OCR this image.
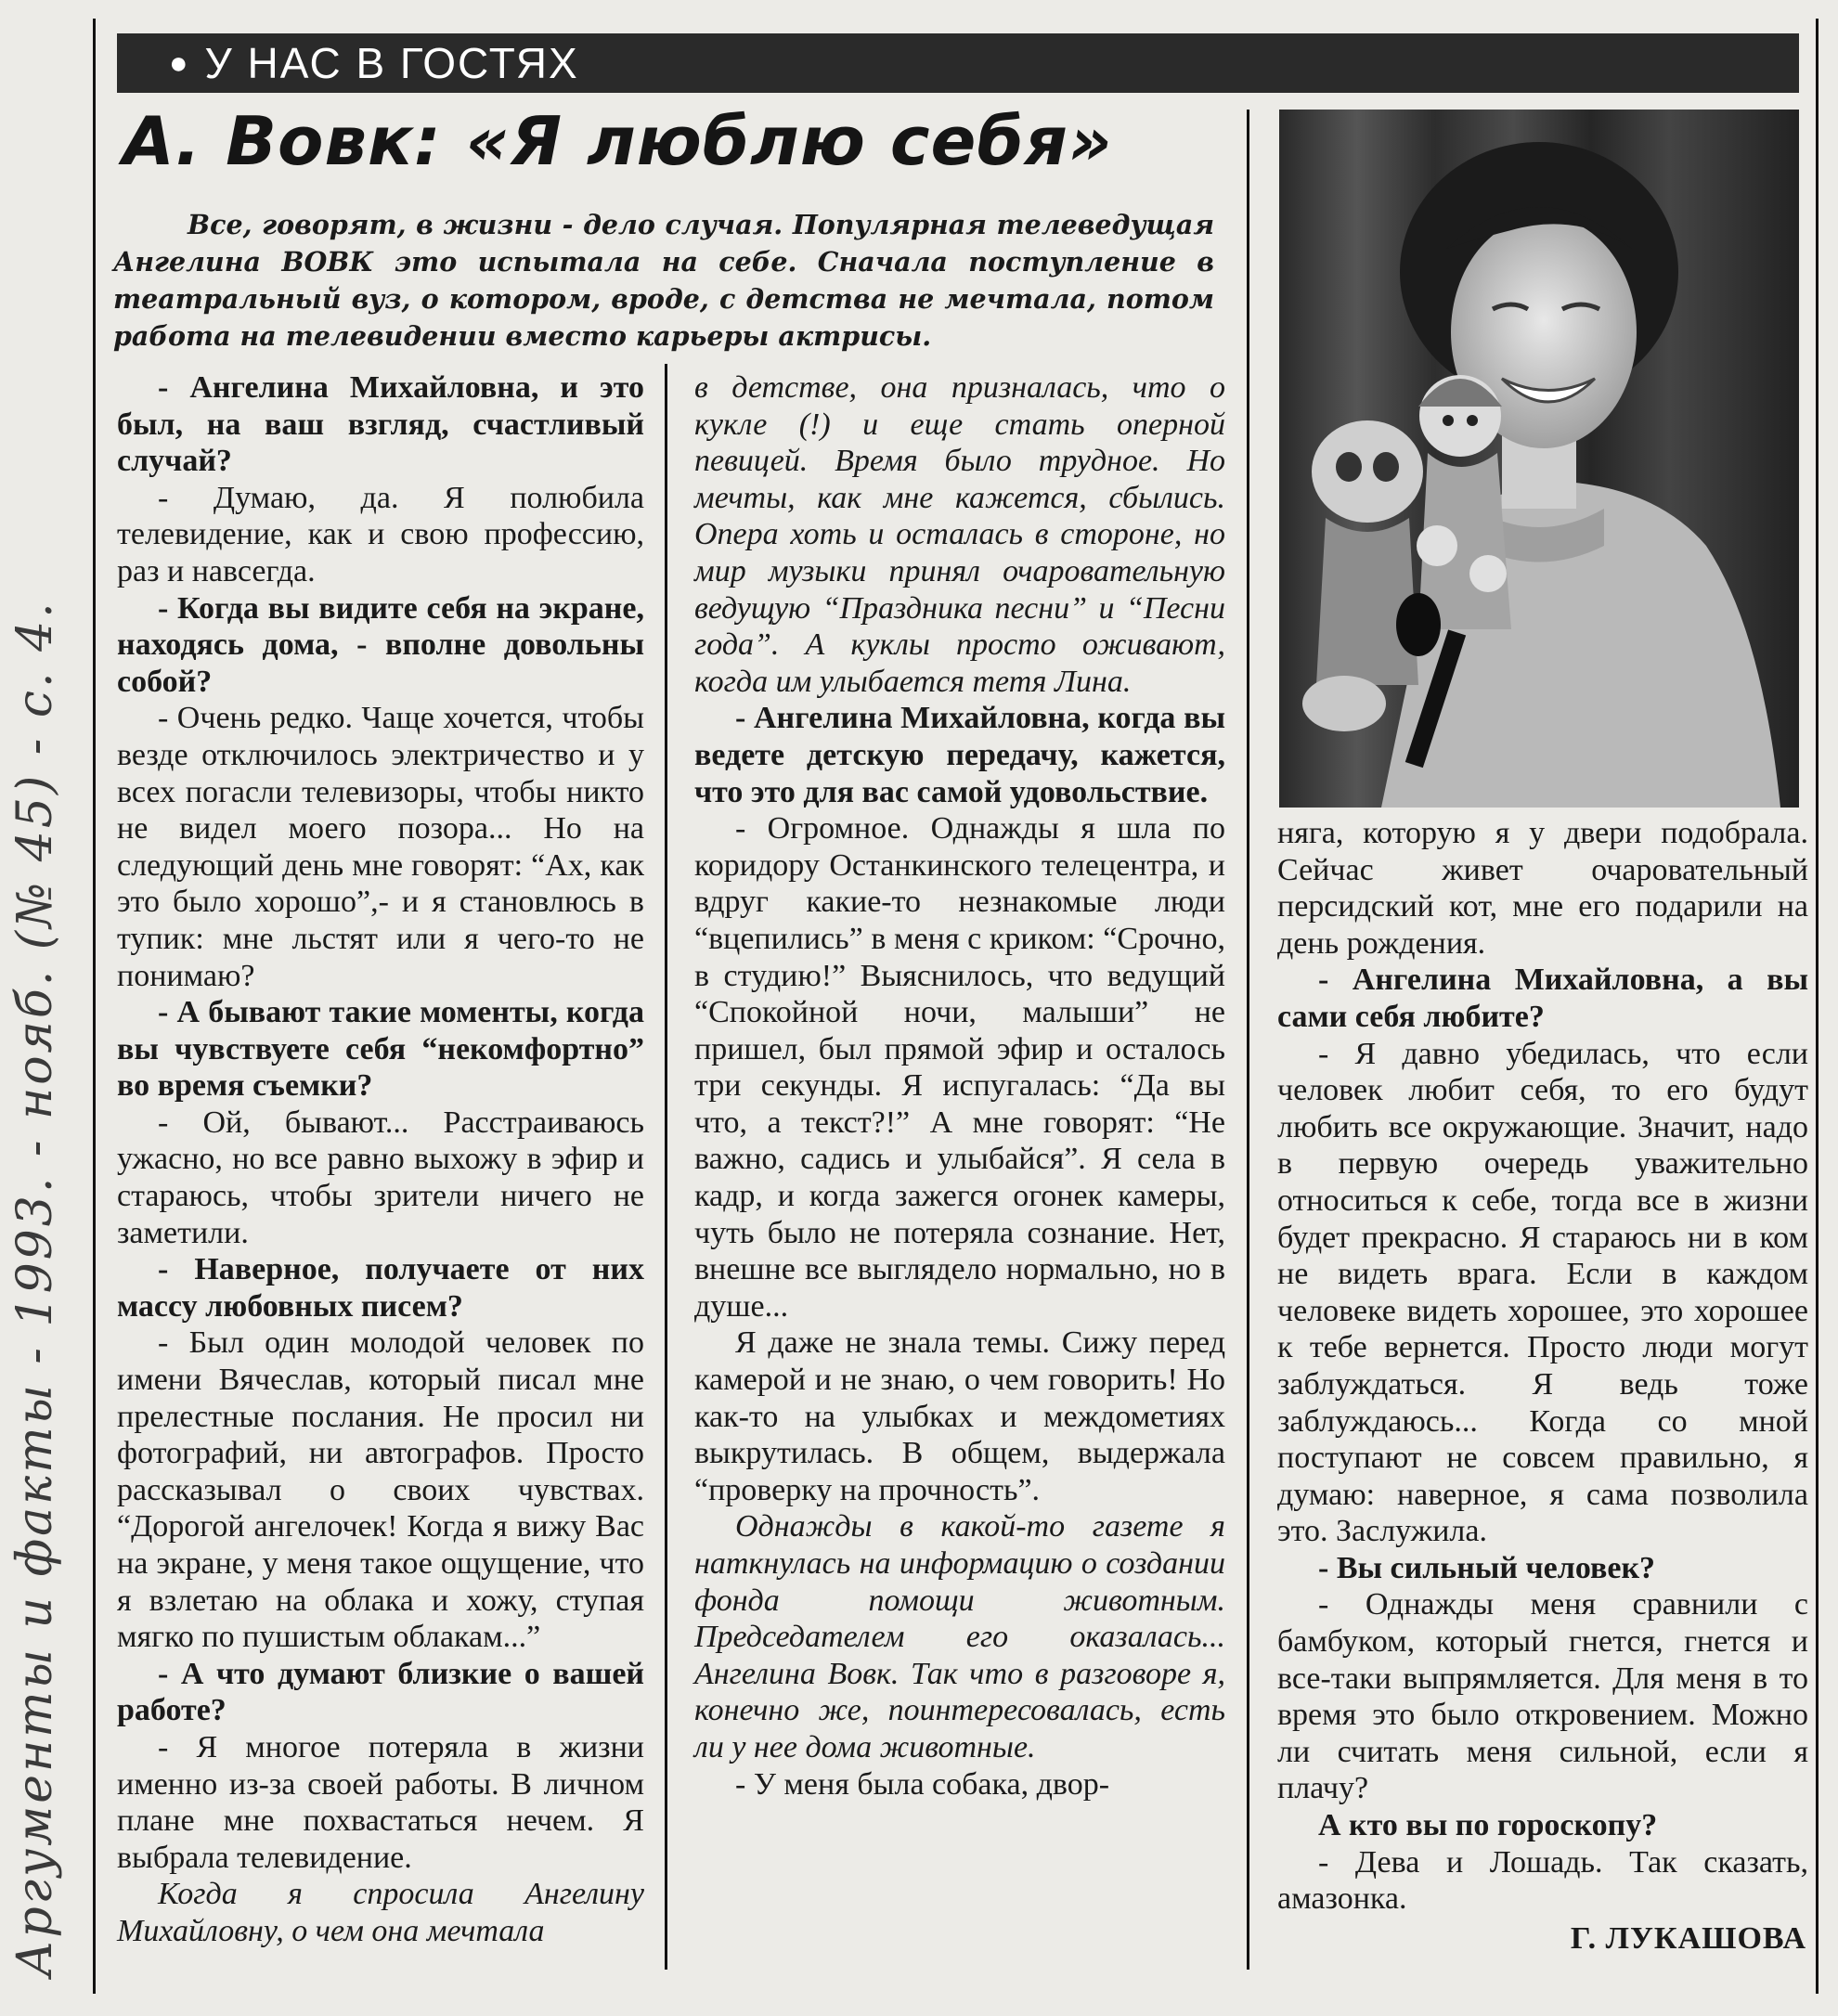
Аргументы и факты - 1993. - нояб. (№ 45) - с. 4.
● У НАС В ГОСТЯХ
А. Вовк: «Я люблю себя»
Все, говорят, в жизни - дело случая. Популярная телеведущая Ангелина ВОВК это испытала на себе. Сначала поступление в театральный вуз, о котором, вроде, с детства не мечтала, потом работа на телевидении вместо карьеры актрисы.

- Ангелина Михайловна, и это был, на ваш взгляд, счастливый случай?

- Думаю, да. Я полюбила телевидение, как и свою профессию, раз и навсегда.

- Когда вы видите себя на экране, находясь дома, - вполне довольны собой?

- Очень редко. Чаще хочется, чтобы везде отключилось электричество и у всех погасли телевизоры, чтобы никто не видел моего позора... Но на следующий день мне говорят: “Ах, как это было хорошо”,- и я становлюсь в тупик: мне льстят или я чего-то не понимаю?

- А бывают такие моменты, когда вы чувствуете себя “некомфортно” во время съемки?

- Ой, бывают... Расстраиваюсь ужасно, но все равно выхожу в эфир и стараюсь, чтобы зрители ничего не заметили.

- Наверное, получаете от них массу любовных писем?

- Был один молодой человек по имени Вячеслав, который писал мне прелестные послания. Не просил ни фотографий, ни автографов. Просто рассказывал о своих чувствах. “Дорогой ангелочек! Когда я вижу Вас на экране, у меня такое ощущение, что я взлетаю на облака и хожу, ступая мягко по пушистым облакам...”

- А что думают близкие о вашей работе?

- Я многое потеряла в жизни именно из-за своей работы. В личном плане мне похвастаться нечем. Я выбрала телевидение.

Когда я спросила Ангелину Михайловну, о чем она мечтала

в детстве, она призналась, что о кукле (!) и еще стать оперной певицей. Время было трудное. Но мечты, как мне кажется, сбылись. Опера хоть и осталась в стороне, но мир музыки принял очаровательную ведущую “Праздника песни” и “Песни года”. А куклы просто оживают, когда им улыбается тетя Лина.

- Ангелина Михайловна, когда вы ведете детскую передачу, кажется, что это для вас самой удовольствие.

- Огромное. Однажды я шла по коридору Останкинского телецентра, и вдруг какие-то незнакомые люди “вцепились” в меня с криком: “Срочно, в студию!” Выяснилось, что ведущий “Спокойной ночи, малыши” не пришел, был прямой эфир и осталось три секунды. Я испугалась: “Да вы что, а текст?!” А мне говорят: “Не важно, садись и улыбайся”. Я села в кадр, и когда зажегся огонек камеры, чуть было не потеряла сознание. Нет, внешне все выглядело нормально, но в душе...

Я даже не знала темы. Сижу перед камерой и не знаю, о чем говорить! Но как-то на улыбках и междометиях выкрутилась. В общем, выдержала “проверку на прочность”.

Однажды в какой-то газете я наткнулась на информацию о создании фонда помощи животным. Председателем его оказалась... Ангелина Вовк. Так что в разговоре я, конечно же, поинтересовалась, есть ли у нее дома животные.

- У меня была собака, двор-

няга, которую я у двери подобрала. Сейчас живет очаровательный персидский кот, мне его подарили на день рождения.

- Ангелина Михайловна, а вы сами себя любите?

- Я давно убедилась, что если человек любит себя, то его будут любить все окружающие. Значит, надо в первую очередь уважительно относиться к себе, тогда все в жизни будет прекрасно. Я стараюсь ни в ком не видеть врага. Если в каждом человеке видеть хорошее, это хорошее к тебе вернется. Просто люди могут заблуждаться. Я ведь тоже заблуждаюсь... Когда со мной поступают не совсем правильно, я думаю: наверное, я сама позволила это. Заслужила.

- Вы сильный человек?

- Однажды меня сравнили с бамбуком, который гнется, гнется и все-таки выпрямляется. Для меня в то время это было откровением. Можно ли считать меня сильной, если я плачу?

А кто вы по гороскопу?

- Дева и Лошадь. Так сказать, амазонка.

Г. ЛУКАШОВА
